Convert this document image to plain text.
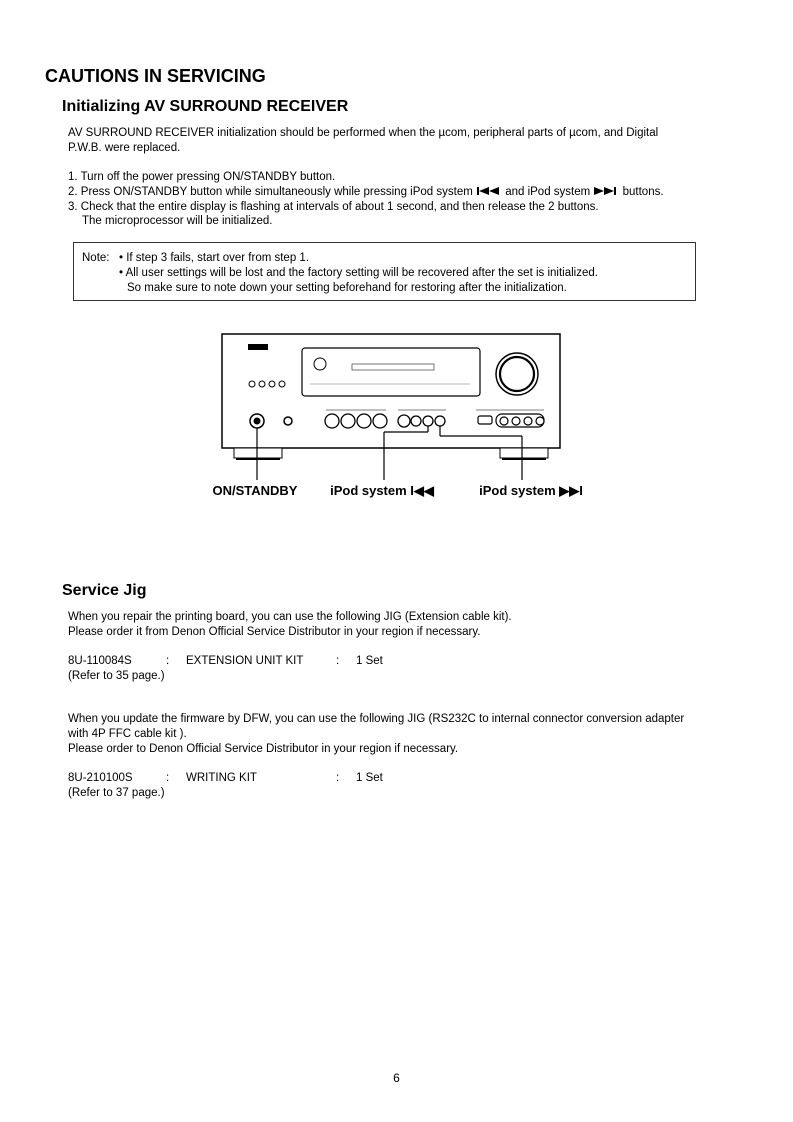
CAUTIONS IN SERVICING
Initializing AV SURROUND RECEIVER
AV SURROUND RECEIVER initialization should be performed when the µcom, peripheral parts of µcom, and Digital
P.W.B. were replaced.
1. Turn off the power pressing ON/STANDBY button.
2. Press ON/STANDBY button while simultaneously while pressing iPod system	and iPod system	buttons.
3. Check that the entire display is flashing at intervals of about 1 second, and then release the 2 buttons.
The microprocessor will be initialized.
Note: • If step 3 fails, start over from step 1.
• All user settings will be lost and the factory setting will be recovered after the set is initialized.
So make sure to note down your setting beforehand for restoring after the initialization.
ON/STANDBY	iPod system I◀◀	iPod system ▶▶I
Service Jig
When you repair the printing board, you can use the following JIG (Extension cable kit).
Please order it from Denon Official Service Distributor in your region if necessary.
8U-110084S	: EXTENSION UNIT KIT	: 1 Set
(Refer to 35 page.)
When you update the firmware by DFW, you can use the following JIG (RS232C to internal connector conversion adapter
with 4P FFC cable kit ).
Please order to Denon Official Service Distributor in your region if necessary.
8U-210100S	: WRITING KIT	: 1 Set
(Refer to 37 page.)
6
